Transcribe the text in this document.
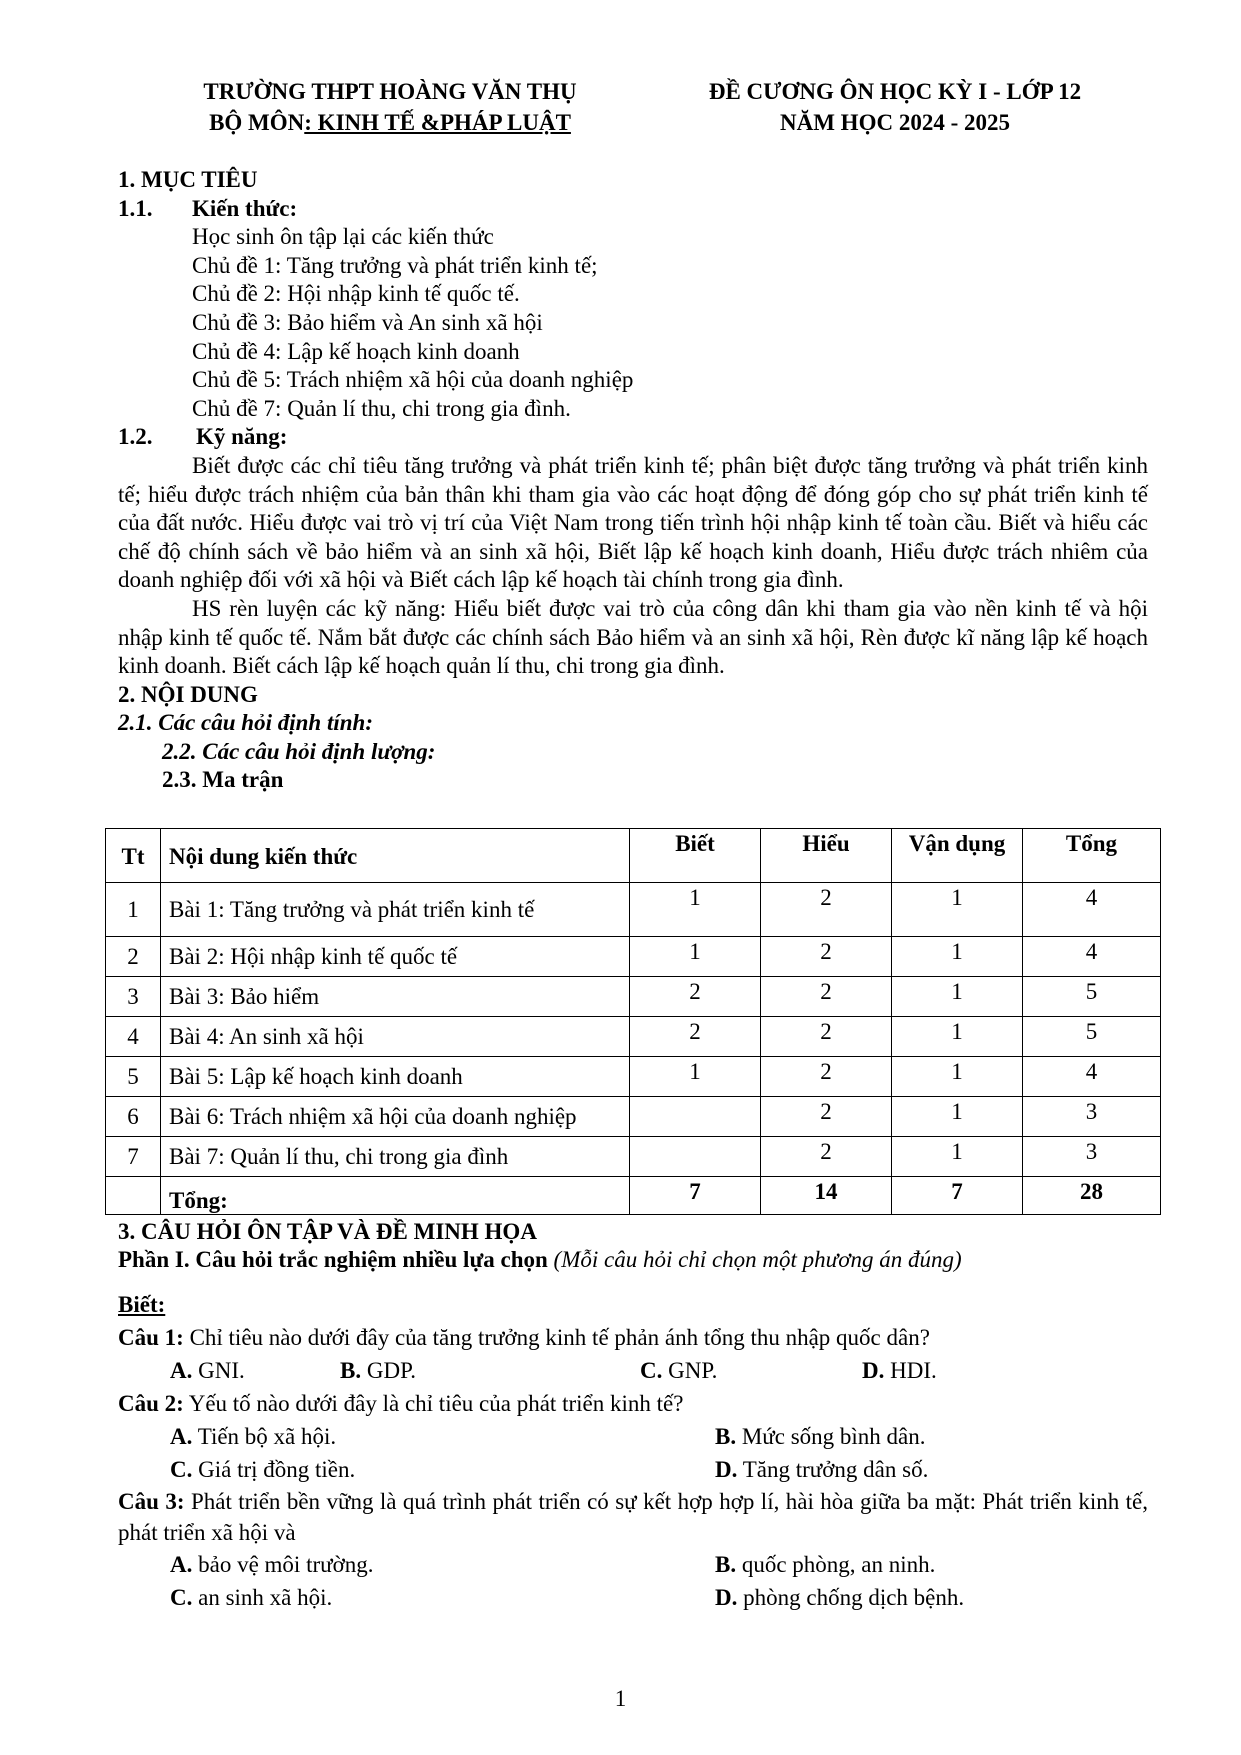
TRƯỜNG THPT HOÀNG VĂN THỤ
BỘ MÔN: KINH TẾ &PHÁP LUẬT
ĐỀ CƯƠNG ÔN HỌC KỲ I - LỚP 12
NĂM HỌC 2024 - 2025
1. MỤC TIÊU
1.1. Kiến thức:
Học sinh ôn tập lại các kiến thức
Chủ đề 1: Tăng trưởng và phát triển kinh tế;
Chủ đề 2: Hội nhập kinh tế quốc tế.
Chủ đề 3: Bảo hiểm và An sinh xã hội
Chủ đề 4: Lập kế hoạch kinh doanh
Chủ đề 5: Trách nhiệm xã hội của doanh nghiệp
Chủ đề 7: Quản lí thu, chi trong gia đình.
1.2. Kỹ năng:
Biết được các chỉ tiêu tăng trưởng và phát triển kinh tế; phân biệt được tăng trưởng và phát triển kinh tế; hiểu được trách nhiệm của bản thân khi tham gia vào các hoạt động để đóng góp cho sự phát triển kinh tế của đất nước. Hiểu được vai trò vị trí của Việt Nam trong tiến trình hội nhập kinh tế toàn cầu. Biết và hiểu các chế độ chính sách về bảo hiểm và an sinh xã hội, Biết lập kế hoạch kinh doanh, Hiểu được trách nhiêm của doanh nghiệp đối với xã hội và Biết cách lập kế hoạch tài chính trong gia đình.
HS rèn luyện các kỹ năng: Hiểu biết được vai trò của công dân khi tham gia vào nền kinh tế và hội nhập kinh tế quốc tế. Nắm bắt được các chính sách Bảo hiểm và an sinh xã hội, Rèn được kĩ năng lập kế hoạch kinh doanh. Biết cách lập kế hoạch quản lí thu, chi trong gia đình.
2. NỘI DUNG
2.1. Các câu hỏi định tính:
2.2. Các câu hỏi định lượng:
2.3. Ma trận
Tt	Nội dung kiến thức	Biết	Hiểu	Vận dụng	Tổng
1	Bài 1: Tăng trưởng và phát triển kinh tế	1	2	1	4
2	Bài 2: Hội nhập kinh tế quốc tế	1	2	1	4
3	Bài 3: Bảo hiểm	2	2	1	5
4	Bài 4: An sinh xã hội	2	2	1	5
5	Bài 5: Lập kế hoạch kinh doanh	1	2	1	4
6	Bài 6: Trách nhiệm xã hội của doanh nghiệp		2	1	3
7	Bài 7: Quản lí thu, chi trong gia đình		2	1	3
	Tổng:	7	14	7	28
3. CÂU HỎI ÔN TẬP VÀ ĐỀ MINH HỌA
Phần I. Câu hỏi trắc nghiệm nhiều lựa chọn (Mỗi câu hỏi chỉ chọn một phương án đúng)
Biết:
Câu 1: Chỉ tiêu nào dưới đây của tăng trưởng kinh tế phản ánh tổng thu nhập quốc dân?
A. GNI.	B. GDP.	C. GNP.	D. HDI.
Câu 2: Yếu tố nào dưới đây là chỉ tiêu của phát triển kinh tế?
A. Tiến bộ xã hội.	B. Mức sống bình dân.
C. Giá trị đồng tiền.	D. Tăng trưởng dân số.
Câu 3: Phát triển bền vững là quá trình phát triển có sự kết hợp hợp lí, hài hòa giữa ba mặt: Phát triển kinh tế, phát triển xã hội và
A. bảo vệ môi trường.	B. quốc phòng, an ninh.
C. an sinh xã hội.	D. phòng chống dịch bệnh.
1
